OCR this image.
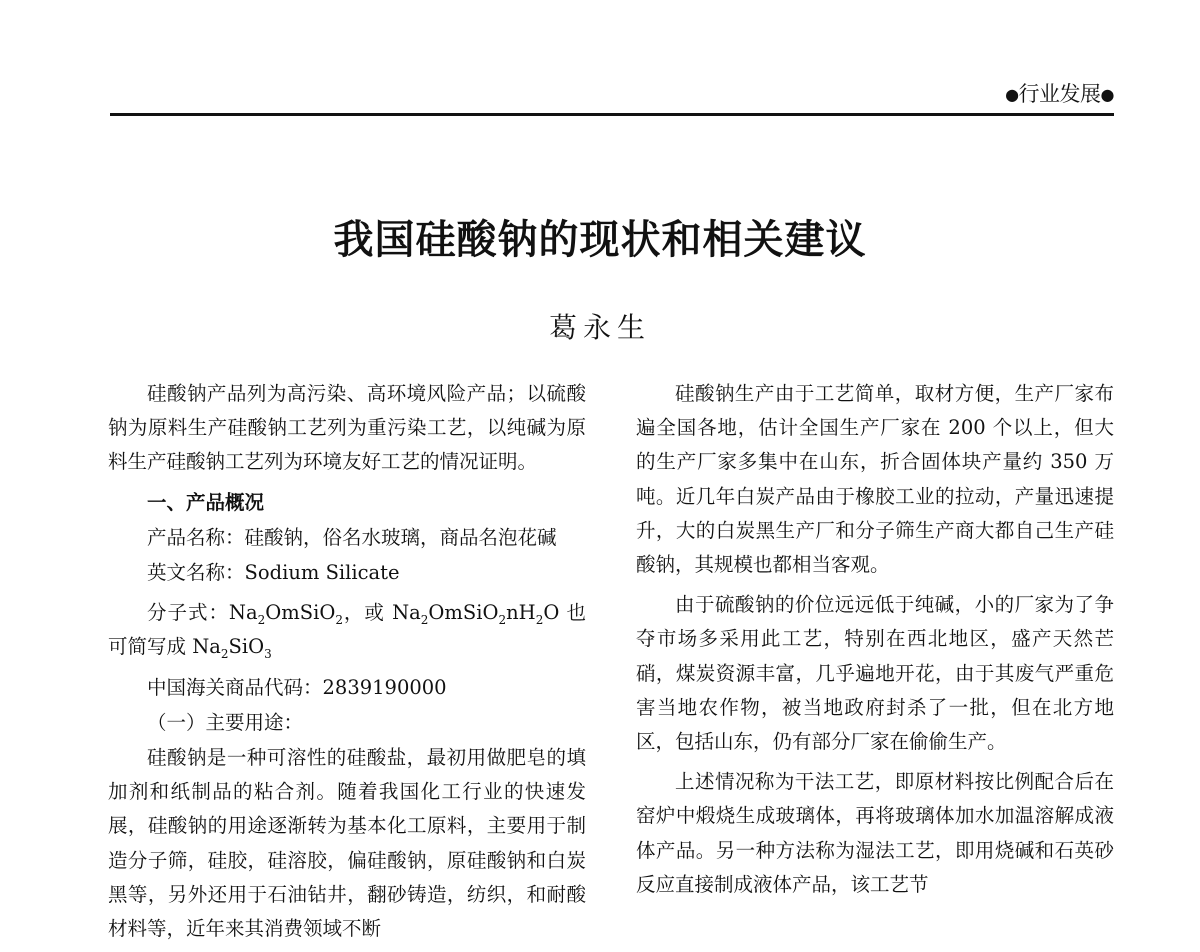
●行业发展●
我国硅酸钠的现状和相关建议
葛永生

硅酸钠产品列为高污染、高环境风险产品；以硫酸钠为原料生产硅酸钠工艺列为重污染工艺，以纯碱为原料生产硅酸钠工艺列为环境友好工艺的情况证明。

一、产品概况

产品名称：硅酸钠，俗名水玻璃，商品名泡花碱

英文名称：Sodium Silicate

分子式：$Na_2OmSiO_2$，或 $Na_2OmSiO_2nH_2O$ 也可简写成 $Na_2SiO_3$

中国海关商品代码：2839190000

（一）主要用途：

硅酸钠是一种可溶性的硅酸盐，最初用做肥皂的填加剂和纸制品的粘合剂。随着我国化工行业的快速发展，硅酸钠的用途逐渐转为基本化工原料，主要用于制造分子筛，硅胶，硅溶胶，偏硅酸钠，原硅酸钠和白炭黑等，另外还用于石油钻井，翻砂铸造，纺织，和耐酸材料等，近年来其消费领域不断

硅酸钠生产由于工艺简单，取材方便，生产厂家布遍全国各地，估计全国生产厂家在 200 个以上，但大的生产厂家多集中在山东，折合固体块产量约 350 万吨。近几年白炭产品由于橡胶工业的拉动，产量迅速提升，大的白炭黑生产厂和分子筛生产商大都自己生产硅酸钠，其规模也都相当客观。

由于硫酸钠的价位远远低于纯碱，小的厂家为了争夺市场多采用此工艺，特别在西北地区，盛产天然芒硝，煤炭资源丰富，几乎遍地开花，由于其废气严重危害当地农作物，被当地政府封杀了一批，但在北方地区，包括山东，仍有部分厂家在偷偷生产。

上述情况称为干法工艺，即原材料按比例配合后在窑炉中煅烧生成玻璃体，再将玻璃体加水加温溶解成液体产品。另一种方法称为湿法工艺，即用烧碱和石英砂反应直接制成液体产品，该工艺节
